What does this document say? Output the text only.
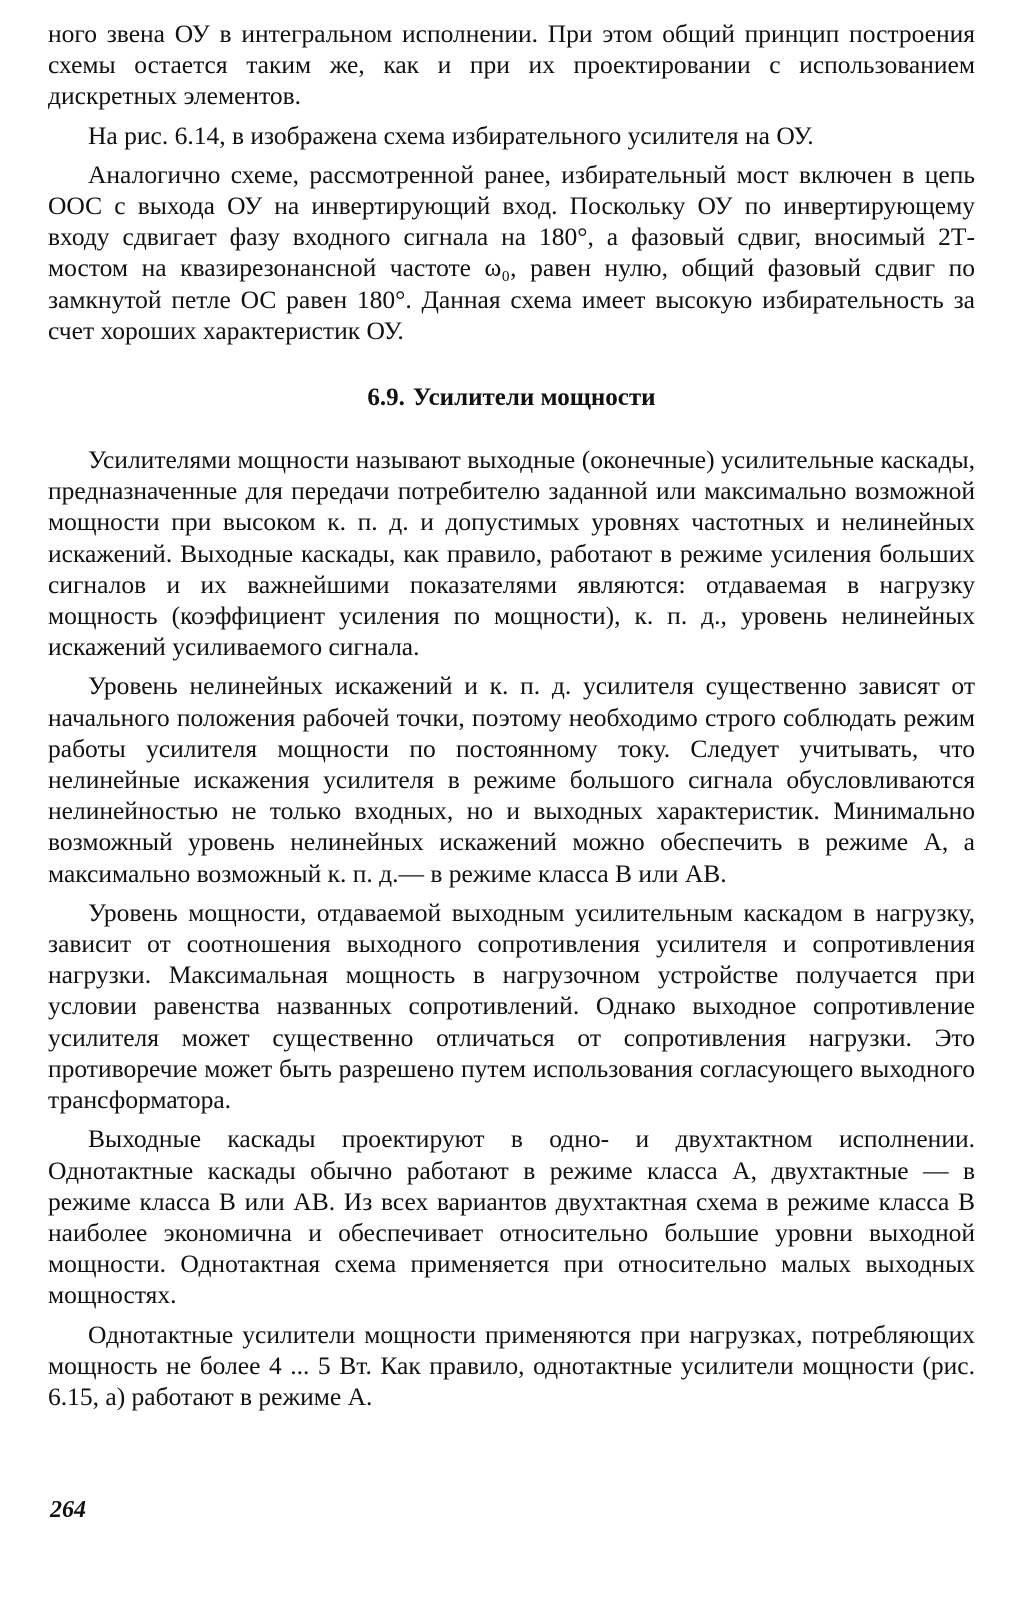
ного звена ОУ в интегральном исполнении. При этом общий принцип построения схемы остается таким же, как и при их проектировании с использованием дискретных элементов.

На рис. 6.14, в изображена схема избирательного усилителя на ОУ.

Аналогично схеме, рассмотренной ранее, избирательный мост включен в цепь ООС с выхода ОУ на инвертирующий вход. Поскольку ОУ по инвертирующему входу сдвигает фазу входного сигнала на 180°, а фазовый сдвиг, вносимый 2Т-мостом на квазирезонансной частоте ω₀, равен нулю, общий фазовый сдвиг по замкнутой петле ОС равен 180°. Данная схема имеет высокую избирательность за счет хороших характеристик ОУ.

6.9. Усилители мощности

Усилителями мощности называют выходные (оконечные) усилительные каскады, предназначенные для передачи потребителю заданной или максимально возможной мощности при высоком к. п. д. и допустимых уровнях частотных и нелинейных искажений. Выходные каскады, как правило, работают в режиме усиления больших сигналов и их важнейшими показателями являются: отдаваемая в нагрузку мощность (коэффициент усиления по мощности), к. п. д., уровень нелинейных искажений усиливаемого сигнала.

Уровень нелинейных искажений и к. п. д. усилителя существенно зависят от начального положения рабочей точки, поэтому необходимо строго соблюдать режим работы усилителя мощности по постоянному току. Следует учитывать, что нелинейные искажения усилителя в режиме большого сигнала обусловливаются нелинейностью не только входных, но и выходных характеристик. Минимально возможный уровень нелинейных искажений можно обеспечить в режиме A, а максимально возможный к. п. д.— в режиме класса B или AB.

Уровень мощности, отдаваемой выходным усилительным каскадом в нагрузку, зависит от соотношения выходного сопротивления усилителя и сопротивления нагрузки. Максимальная мощность в нагрузочном устройстве получается при условии равенства названных сопротивлений. Однако выходное сопротивление усилителя может существенно отличаться от сопротивления нагрузки. Это противоречие может быть разрешено путем использования согласующего выходного трансформатора.

Выходные каскады проектируют в одно- и двухтактном исполнении. Однотактные каскады обычно работают в режиме класса A, двухтактные — в режиме класса B или AB. Из всех вариантов двухтактная схема в режиме класса B наиболее экономична и обеспечивает относительно большие уровни выходной мощности. Однотактная схема применяется при относительно малых выходных мощностях.

Однотактные усилители мощности применяются при нагрузках, потребляющих мощность не более 4 ... 5 Вт. Как правило, однотактные усилители мощности (рис. 6.15, а) работают в режиме A.

264
